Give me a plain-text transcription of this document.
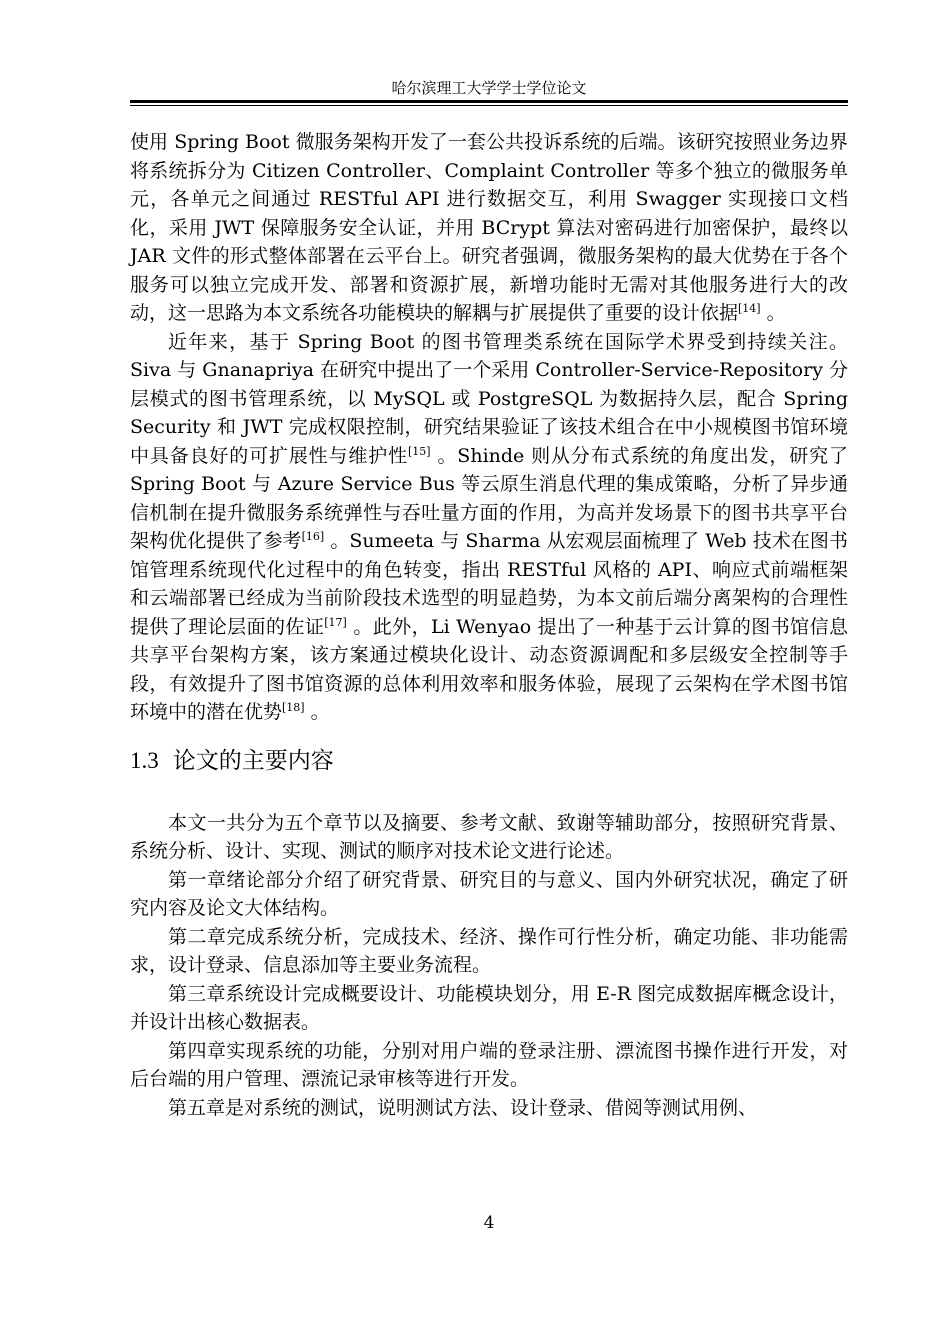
哈尔滨理工大学学士学位论文

使用 Spring Boot 微服务架构开发了一套公共投诉系统的后端。该研究按照业务边界将系统拆分为 Citizen Controller、Complaint Controller 等多个独立的微服务单元，各单元之间通过 RESTful API 进行数据交互，利用 Swagger 实现接口文档化，采用 JWT 保障服务安全认证，并用 BCrypt 算法对密码进行加密保护，最终以 JAR 文件的形式整体部署在云平台上。研究者强调，微服务架构的最大优势在于各个服务可以独立完成开发、部署和资源扩展，新增功能时无需对其他服务进行大的改动，这一思路为本文系统各功能模块的解耦与扩展提供了重要的设计依据[14] 。

近年来，基于 Spring Boot 的图书管理类系统在国际学术界受到持续关注。Siva 与 Gnanapriya 在研究中提出了一个采用 Controller-Service-Repository 分层模式的图书管理系统，以 MySQL 或 PostgreSQL 为数据持久层，配合 Spring Security 和 JWT 完成权限控制，研究结果验证了该技术组合在中小规模图书馆环境中具备良好的可扩展性与维护性[15] 。Shinde 则从分布式系统的角度出发，研究了 Spring Boot 与 Azure Service Bus 等云原生消息代理的集成策略，分析了异步通信机制在提升微服务系统弹性与吞吐量方面的作用，为高并发场景下的图书共享平台架构优化提供了参考[16] 。Sumeeta 与 Sharma 从宏观层面梳理了 Web 技术在图书馆管理系统现代化过程中的角色转变，指出 RESTful 风格的 API、响应式前端框架和云端部署已经成为当前阶段技术选型的明显趋势，为本文前后端分离架构的合理性提供了理论层面的佐证[17] 。此外，Li Wenyao 提出了一种基于云计算的图书馆信息共享平台架构方案，该方案通过模块化设计、动态资源调配和多层级安全控制等手段，有效提升了图书馆资源的总体利用效率和服务体验，展现了云架构在学术图书馆环境中的潜在优势[18] 。

1.3 论文的主要内容

本文一共分为五个章节以及摘要、参考文献、致谢等辅助部分，按照研究背景、系统分析、设计、实现、测试的顺序对技术论文进行论述。

第一章绪论部分介绍了研究背景、研究目的与意义、国内外研究状况，确定了研究内容及论文大体结构。

第二章完成系统分析，完成技术、经济、操作可行性分析，确定功能、非功能需求，设计登录、信息添加等主要业务流程。

第三章系统设计完成概要设计、功能模块划分，用 E-R 图完成数据库概念设计，并设计出核心数据表。

第四章实现系统的功能，分别对用户端的登录注册、漂流图书操作进行开发，对后台端的用户管理、漂流记录审核等进行开发。

第五章是对系统的测试，说明测试方法、设计登录、借阅等测试用例、

4
